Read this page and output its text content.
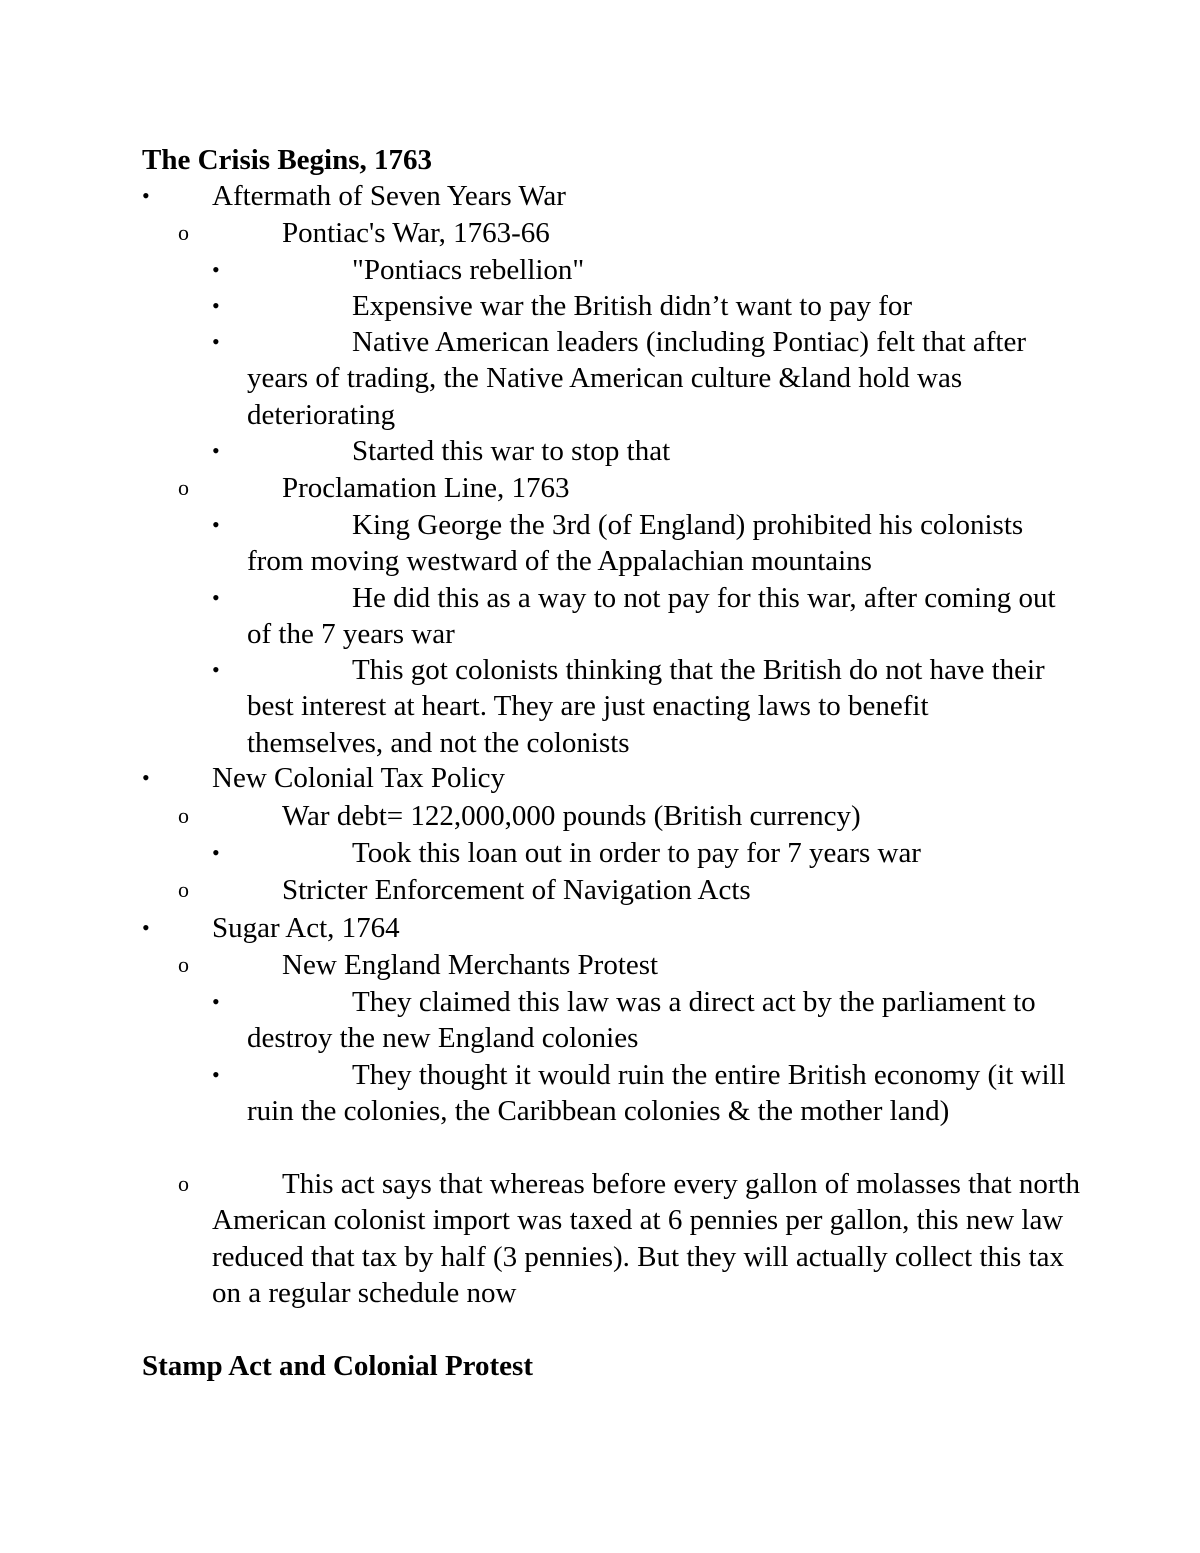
The Crisis Begins, 1763
• Aftermath of Seven Years War
o	Pontiac's War, 1763-66
•	"Pontiacs rebellion"
•	Expensive war the British didn’t want to pay for
•	Native American leaders (including Pontiac) felt that after years of trading, the Native American culture &land hold was deteriorating
•	Started this war to stop that
o	Proclamation Line, 1763
•	King George the 3rd (of England) prohibited his colonists from moving westward of the Appalachian mountains
•	He did this as a way to not pay for this war, after coming out of the 7 years war
•	This got colonists thinking that the British do not have their best interest at heart. They are just enacting laws to benefit themselves, and not the colonists
• New Colonial Tax Policy
o	War debt= 122,000,000 pounds (British currency)
•	Took this loan out in order to pay for 7 years war
o	Stricter Enforcement of Navigation Acts
• Sugar Act, 1764
o	New England Merchants Protest
•	They claimed this law was a direct act by the parliament to destroy the new England colonies
•	They thought it would ruin the entire British economy (it will ruin the colonies, the Caribbean colonies & the mother land)
o	This act says that whereas before every gallon of molasses that north American colonist import was taxed at 6 pennies per gallon, this new law reduced that tax by half (3 pennies). But they will actually collect this tax on a regular schedule now
Stamp Act and Colonial Protest
